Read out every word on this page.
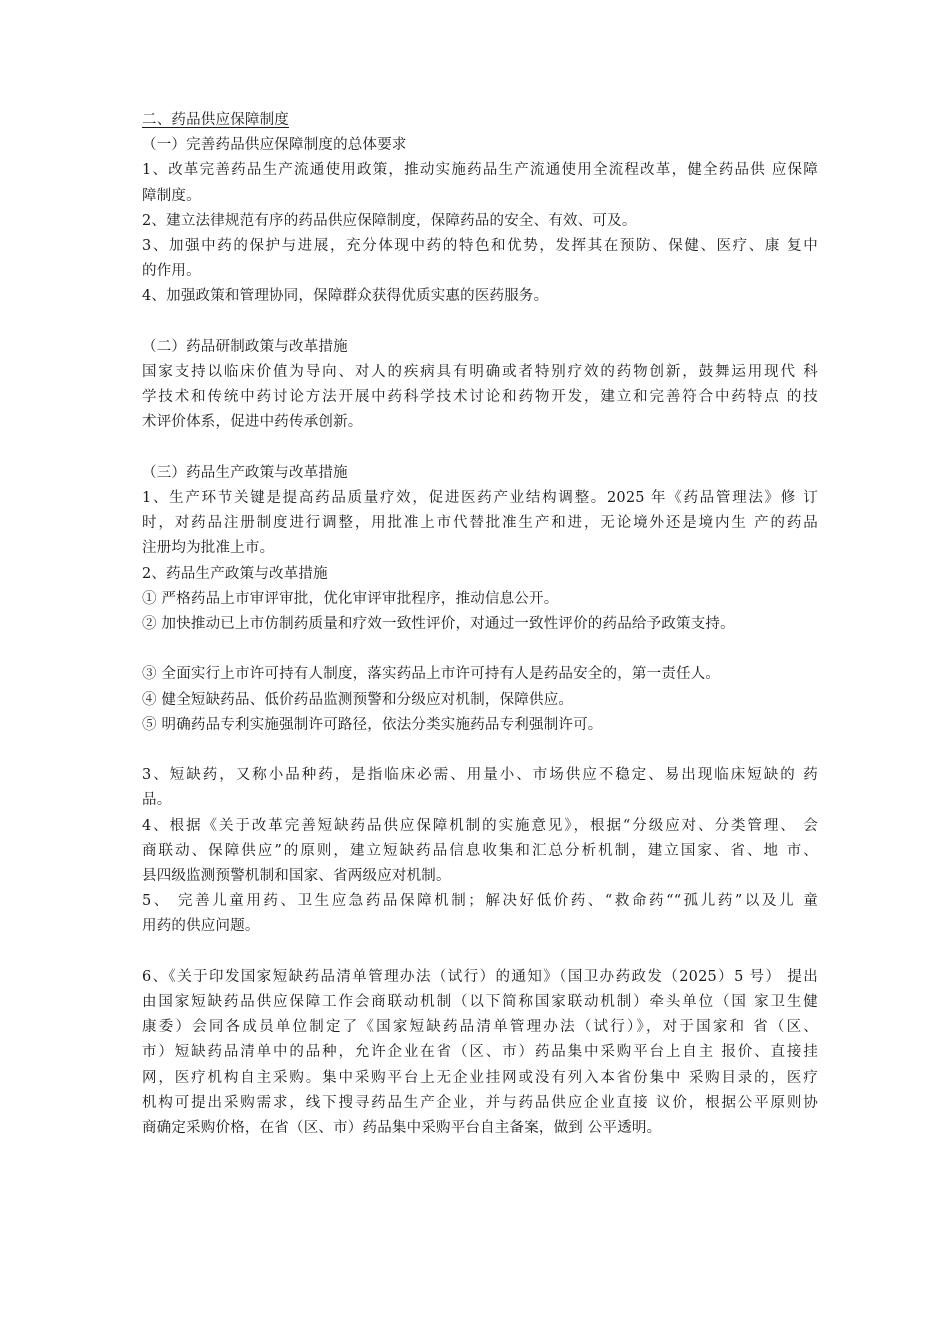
二、药品供应保障制度
（一）完善药品供应保障制度的总体要求
1、改革完善药品生产流通使用政策，推动实施药品生产流通使用全流程改革，健全药品供 应保障
障制度。
2、建立法律规范有序的药品供应保障制度，保障药品的安全、有效、可及。
3、加强中药的保护与进展，充分体现中药的特色和优势，发挥其在预防、保健、医疗、康 复中
的作用。
4、加强政策和管理协同，保障群众获得优质实惠的医药服务。
（二）药品研制政策与改革措施
国家支持以临床价值为导向、对人的疾病具有明确或者特别疗效的药物创新，鼓舞运用现代 科
学技术和传统中药讨论方法开展中药科学技术讨论和药物开发，建立和完善符合中药特点 的技
术评价体系，促进中药传承创新。
（三）药品生产政策与改革措施
1、生产环节关键是提高药品质量疗效，促进医药产业结构调整。2025 年《药品管理法》修 订
时，对药品注册制度进行调整，用批准上市代替批准生产和进，无论境外还是境内生 产的药品
注册均为批准上市。
2、药品生产政策与改革措施
① 严格药品上市审评审批，优化审评审批程序，推动信息公开。
② 加快推动已上市仿制药质量和疗效一致性评价，对通过一致性评价的药品给予政策支持。
③ 全面实行上市许可持有人制度，落实药品上市许可持有人是药品安全的，第一责任人。
④ 健全短缺药品、低价药品监测预警和分级应对机制，保障供应。
⑤ 明确药品专利实施强制许可路径，依法分类实施药品专利强制许可。
3、短缺药，又称小品种药，是指临床必需、用量小、市场供应不稳定、易出现临床短缺的 药
品。
4、根据《关于改革完善短缺药品供应保障机制的实施意见》，根据“分级应对、分类管理、 会
商联动、保障供应”的原则，建立短缺药品信息收集和汇总分析机制，建立国家、省、地 市、
县四级监测预警机制和国家、省两级应对机制。
5、 完善儿童用药、卫生应急药品保障机制；解决好低价药、“救命药““孤儿药”以及儿 童
用药的供应问题。
6、《关于印发国家短缺药品清单管理办法（试行）的通知》（国卫办药政发（2025）5 号） 提出
由国家短缺药品供应保障工作会商联动机制（以下简称国家联动机制）牵头单位（国 家卫生健
康委）会同各成员单位制定了《国家短缺药品清单管理办法（试行）》，对于国家和 省（区、
市）短缺药品清单中的品种，允许企业在省（区、市）药品集中采购平台上自主 报价、直接挂
网，医疗机构自主采购。集中采购平台上无企业挂网或没有列入本省份集中 采购目录的，医疗
机构可提出采购需求，线下搜寻药品生产企业，并与药品供应企业直接 议价，根据公平原则协
商确定采购价格，在省（区、市）药品集中采购平台自主备案，做到 公平透明。
